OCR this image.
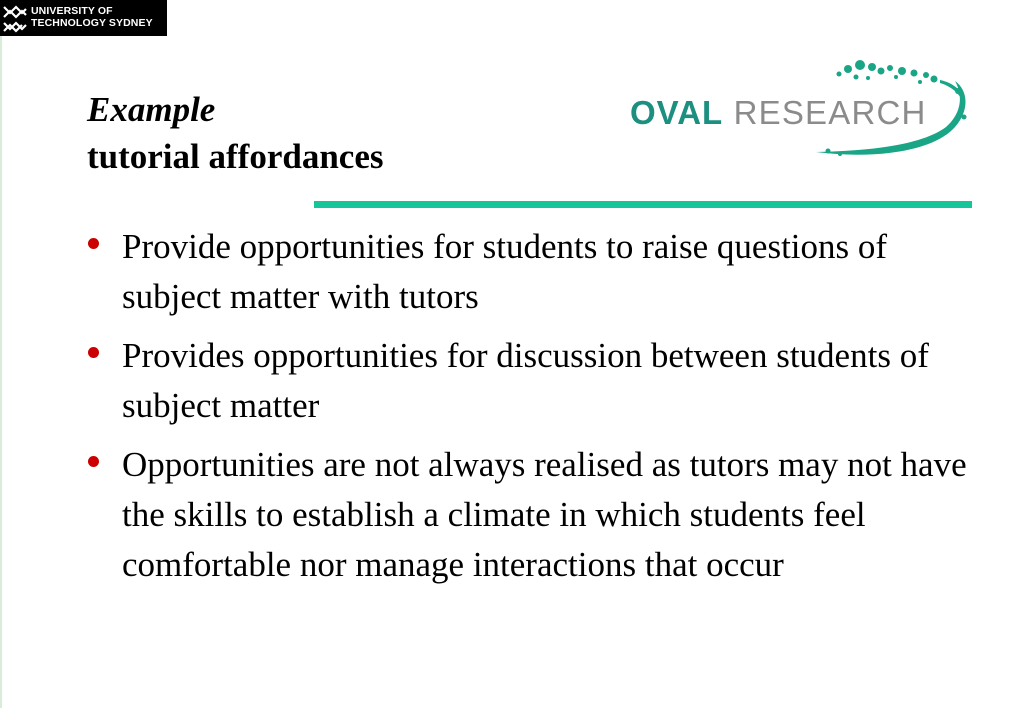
UNIVERSITY OF
TECHNOLOGY SYDNEY
Example
tutorial affordances
OVAL RESEARCH
Provide opportunities for students to raise questions of subject matter with tutors
Provides opportunities for discussion between students of subject matter
Opportunities are not always realised as tutors may not have the skills to establish a climate in which students feel comfortable nor manage interactions that occur
